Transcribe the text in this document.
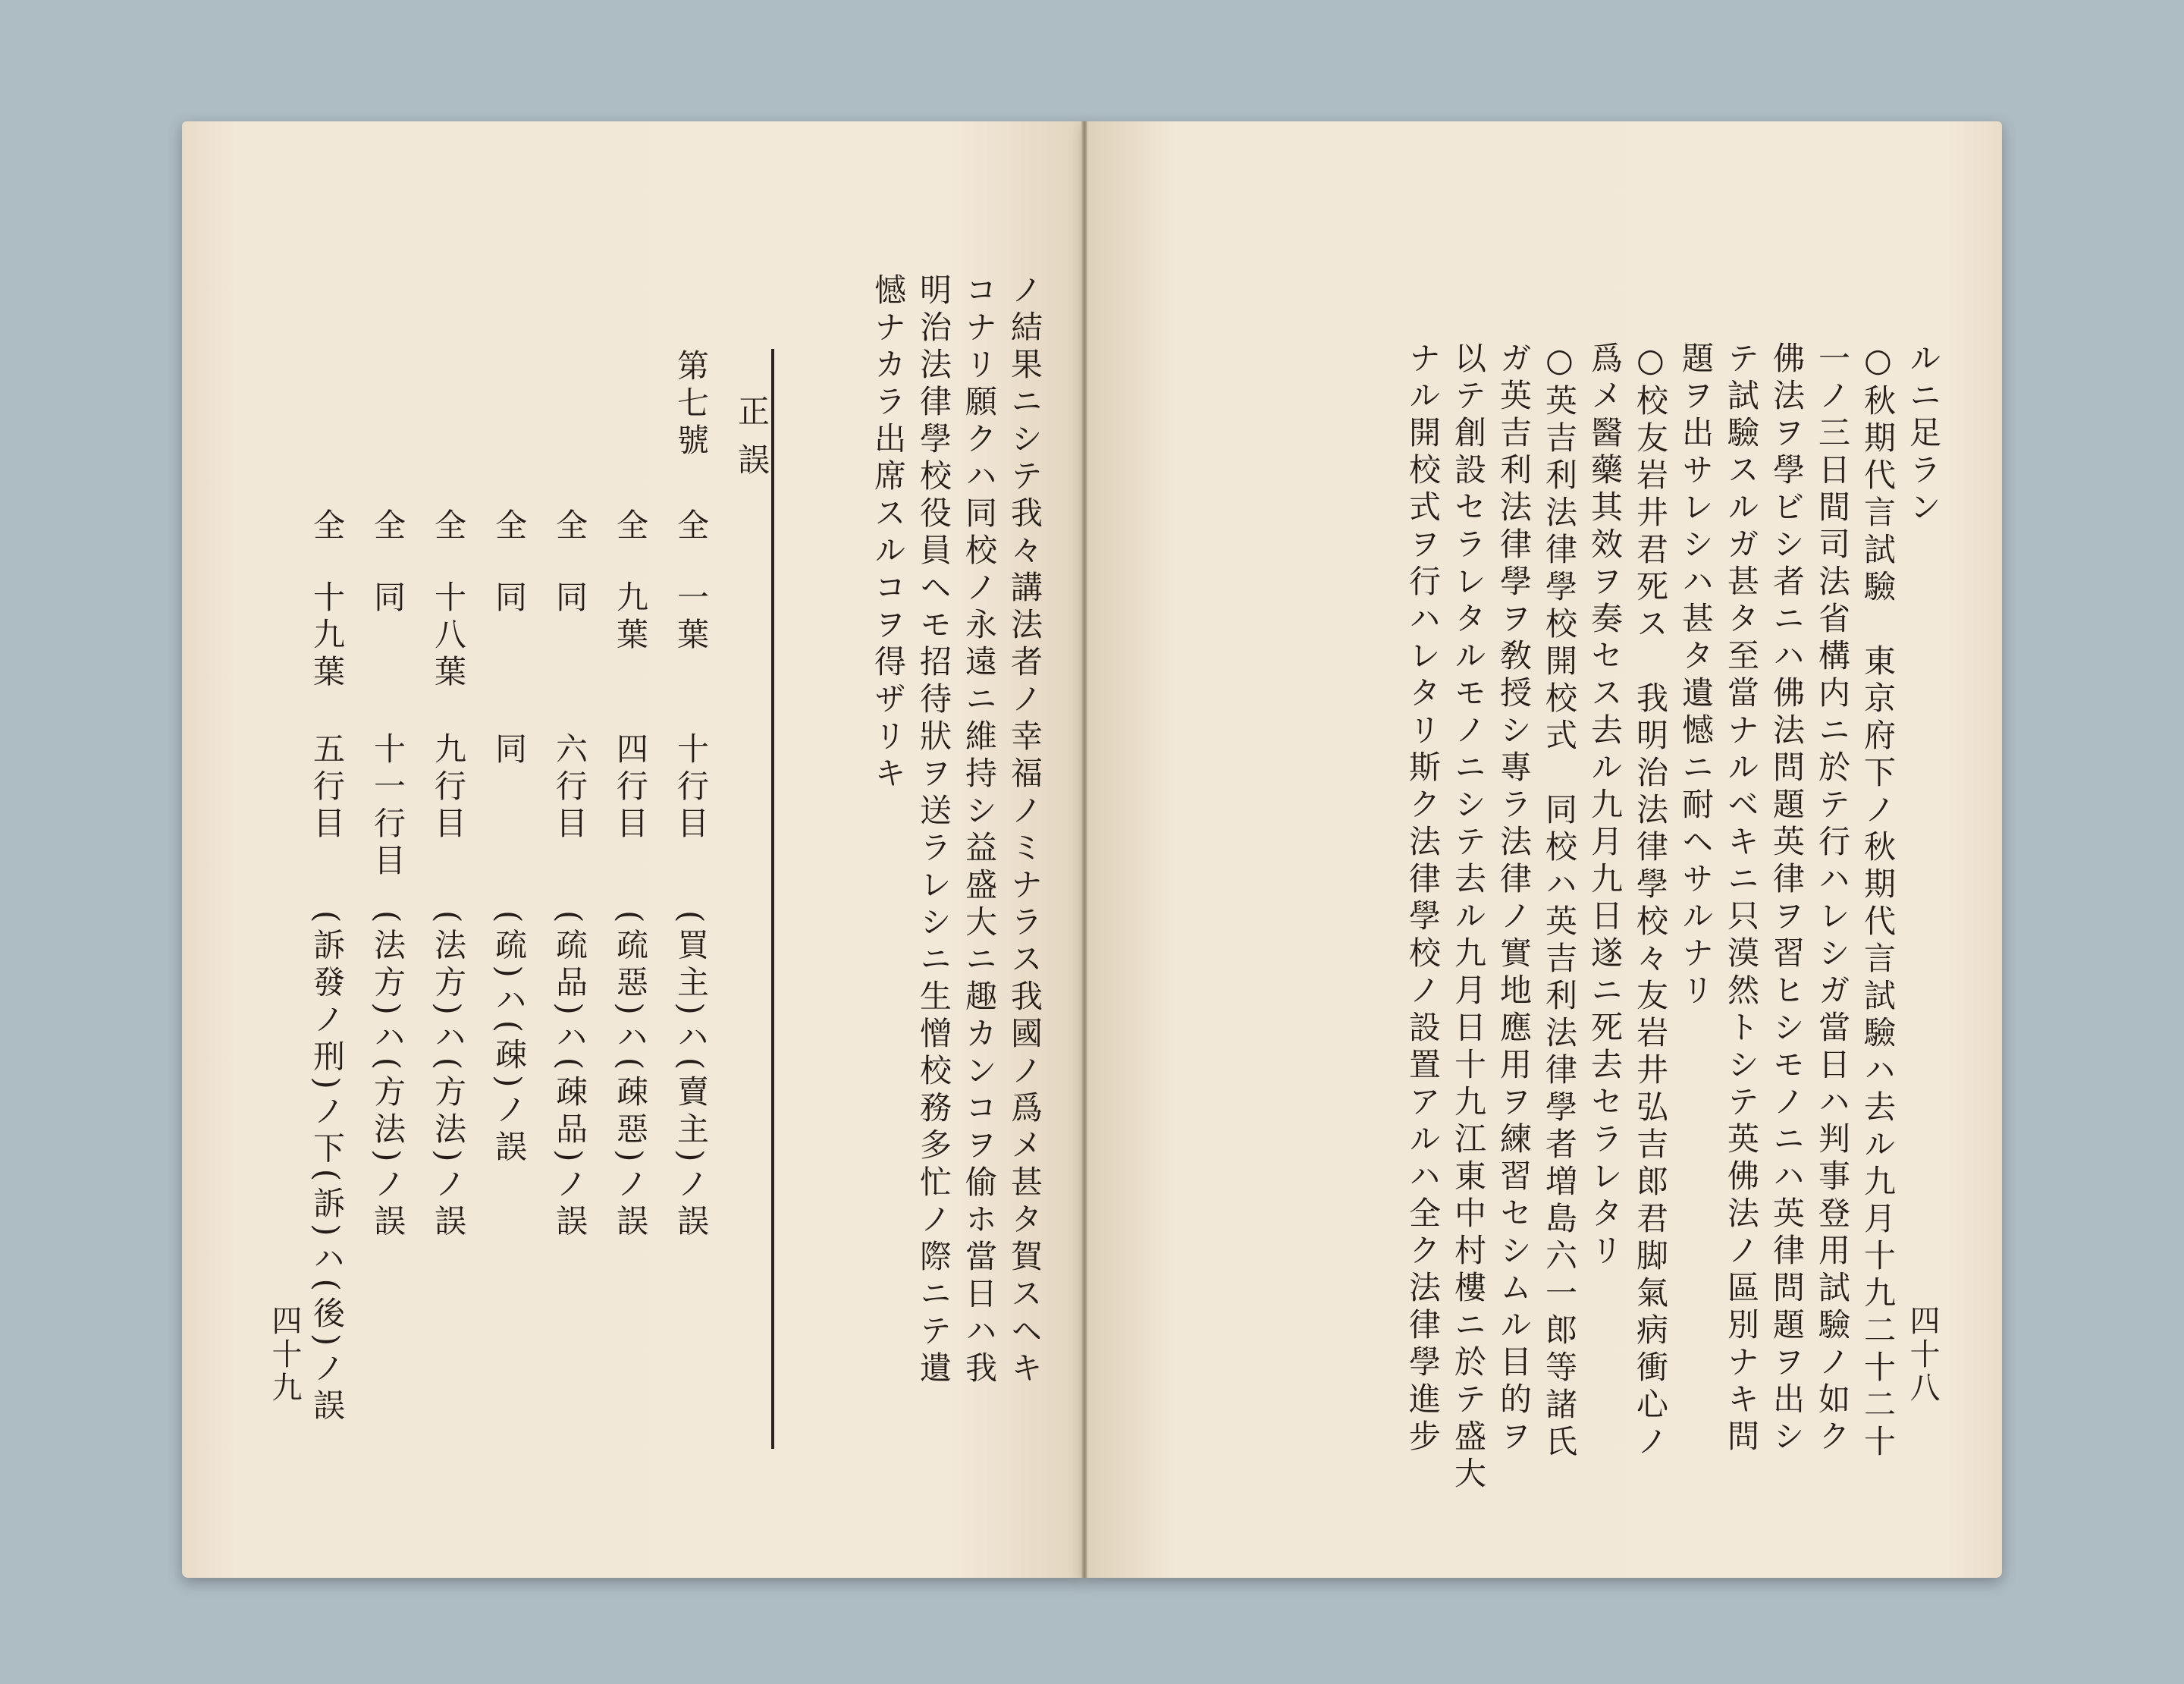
ノ結果ニシテ我々講法者ノ幸福ノミナラス我國ノ爲メ甚タ賀スヘキ
コナリ願クハ同校ノ永遠ニ維持シ益盛大ニ趣カンコヲ偷ホ當日ハ我
明治法律學校役員ヘモ招待狀ヲ送ラレシニ生憎校務多忙ノ際ニテ遺
憾ナカラ出席スルコヲ得ザリキ
正誤
第七號
全
一葉
十行目
(買主)ハ(賣主)ノ誤
全
九葉
四行目
(疏惡)ハ(疎惡)ノ誤
全
同
六行目
(疏品)ハ(疎品)ノ誤
全
同
同
(疏)ハ(疎)ノ誤
全
十八葉
九行目
(法方)ハ(方法)ノ誤
全
同
十一行目
(法方)ハ(方法)ノ誤
全
十九葉
五行目
(訴發ノ刑)ノ下(訴)ハ(後)ノ誤
四十九
ルニ足ラン
○秋期代言試驗　東京府下ノ秋期代言試驗ハ去ル九月十九二十二十
一ノ三日間司法省構内ニ於テ行ハレシガ當日ハ判事登用試驗ノ如ク
佛法ヲ學ビシ者ニハ佛法問題英律ヲ習ヒシモノニハ英律問題ヲ出シ
テ試驗スルガ甚タ至當ナルベキニ只漠然トシテ英佛法ノ區別ナキ問
題ヲ出サレシハ甚タ遺憾ニ耐ヘサルナリ
○校友岩井君死ス　我明治法律學校々友岩井弘吉郎君脚氣病衝心ノ
爲メ醫藥其效ヲ奏セス去ル九月九日遂ニ死去セラレタリ
○英吉利法律學校開校式　同校ハ英吉利法律學者増島六一郎等諸氏
ガ英吉利法律學ヲ敎授シ專ラ法律ノ實地應用ヲ練習セシムル目的ヲ
以テ創設セラレタルモノニシテ去ル九月日十九江東中村樓ニ於テ盛大
ナル開校式ヲ行ハレタリ斯ク法律學校ノ設置アルハ全ク法律學進步	四十八
